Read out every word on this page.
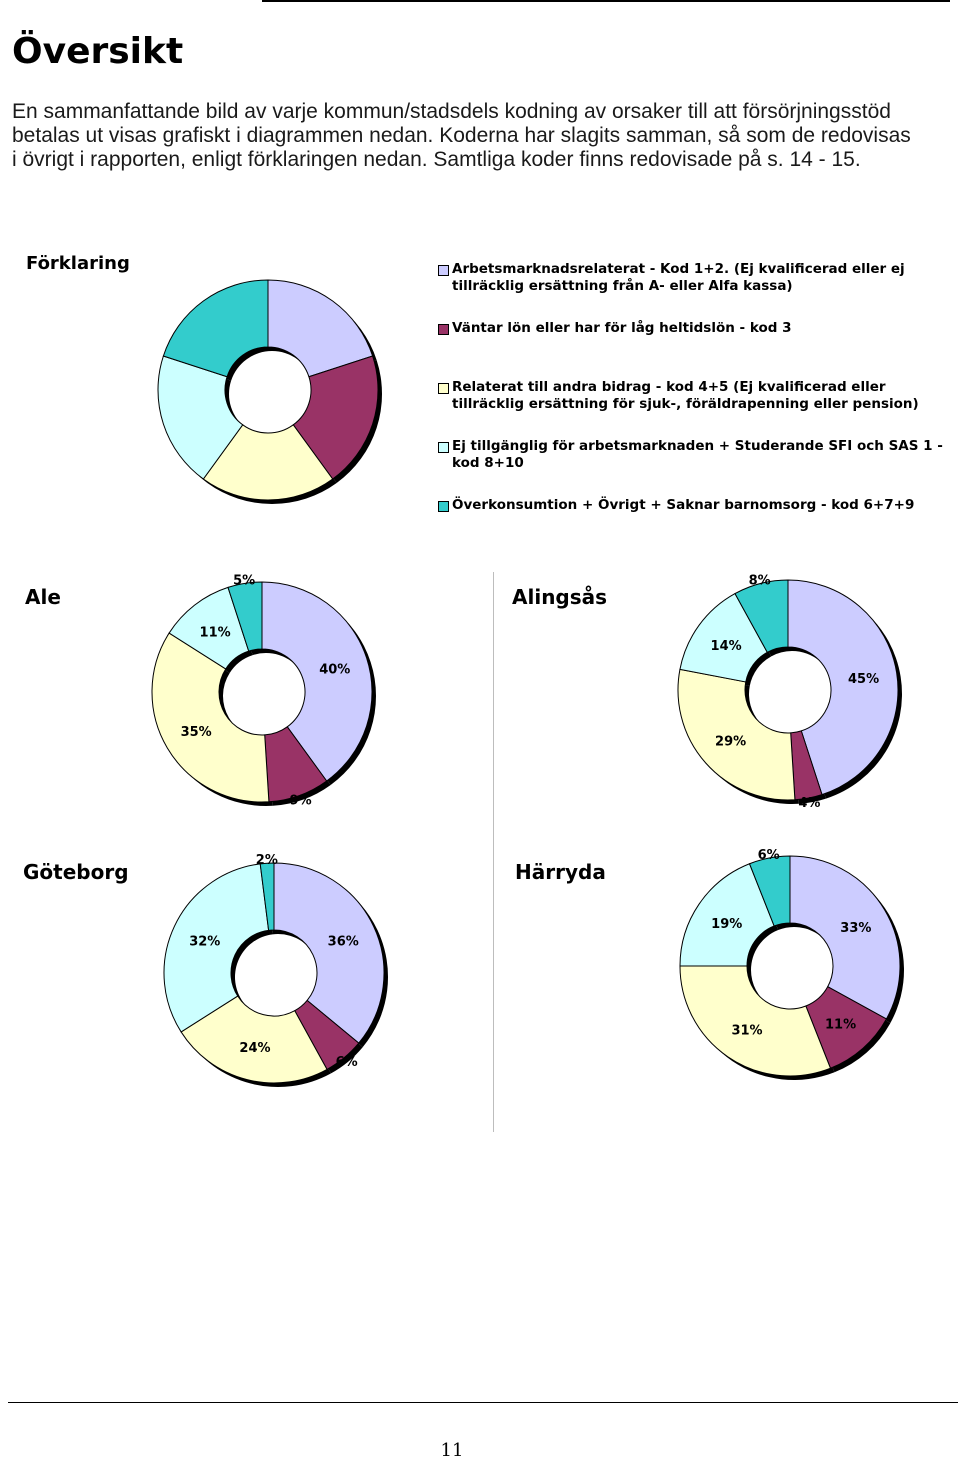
Översikt

En sammanfattande bild av varje kommun/stadsdels kodning av orsaker till att försörjningsstöd betalas ut visas grafiskt i diagrammen nedan. Koderna har slagits samman, så som de redovisas i övrigt i rapporten, enligt förklaringen nedan. Samtliga koder finns redovisade på s. 14 - 15.

Förklaring	Arbetsmarknadsrelaterat - Kod 1+2. (Ej kvalificerad eller ej tillräcklig ersättning från A- eller Alfa kassa)
Väntar lön eller har för låg heltidslön - kod 3
Relaterat till andra bidrag - kod 4+5 (Ej kvalificerad eller tillräcklig ersättning för sjuk-, föräldrapenning eller pension)
Ej tillgänglig för arbetsmarknaden + Studerande SFI och SAS 1 - kod 8+10
Överkonsumtion + Övrigt + Saknar barnomsorg - kod 6+7+9
Ale
40%
9%
35%
11%
5%
Alingsås
45%
4%
29%
14%
8%
Göteborg
36%
6%
24%
32%
2%	Härryda
33%
11%
31%
19%
6%
11
